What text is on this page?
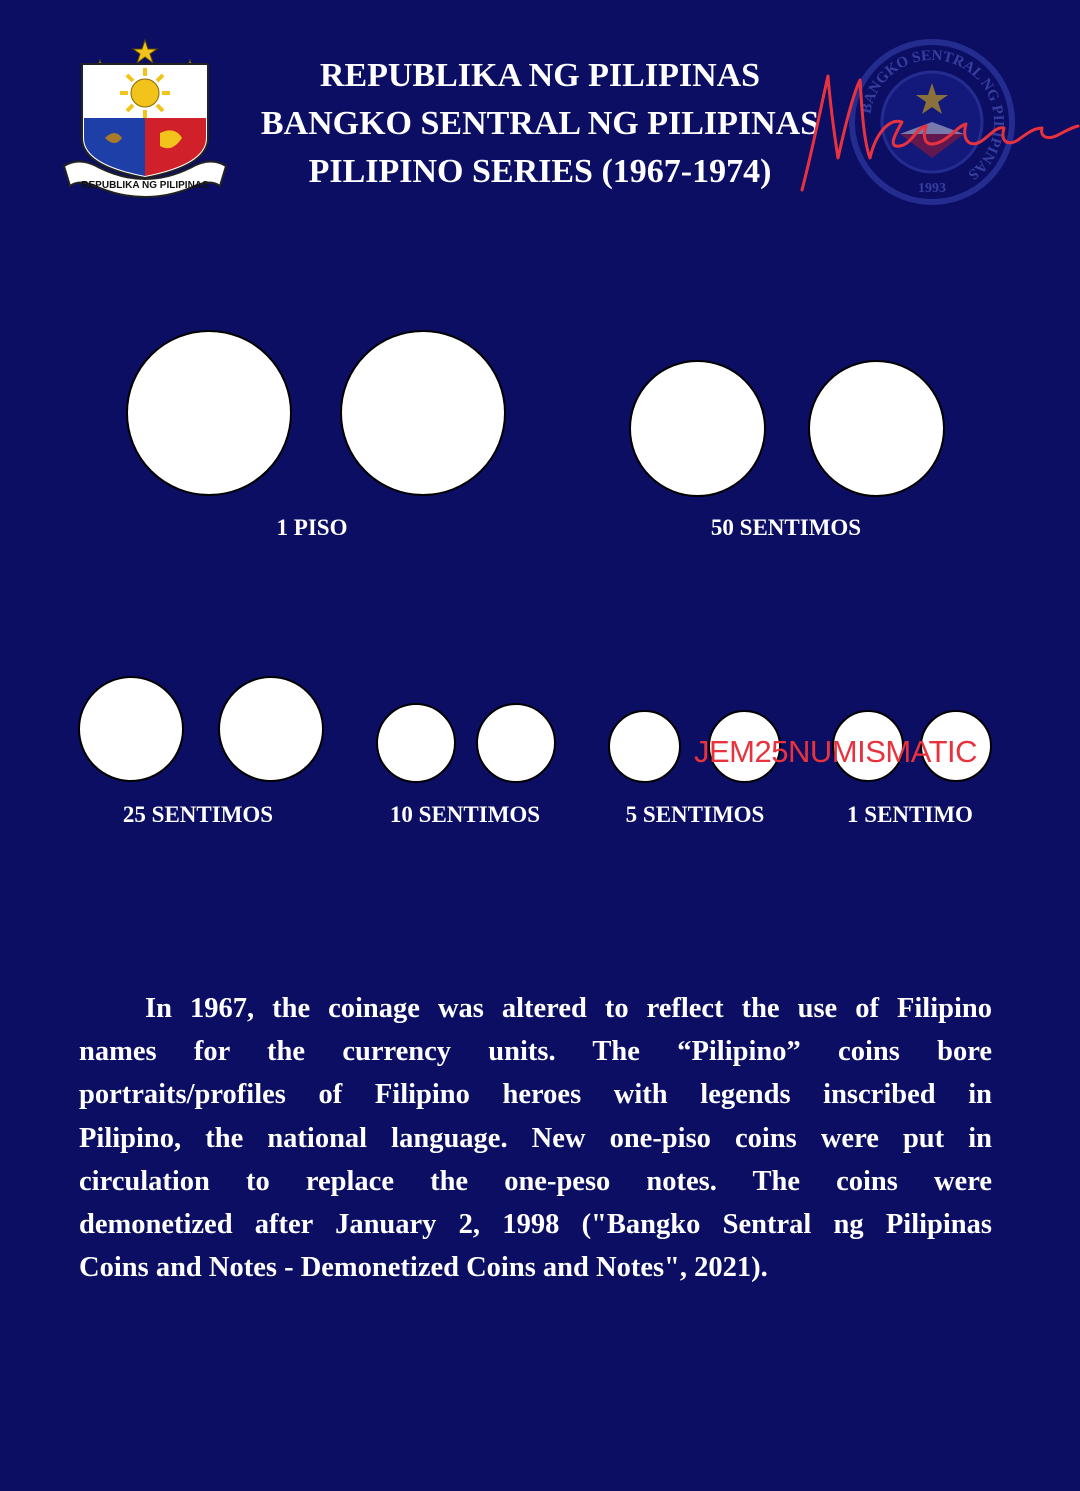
REPUBLIKA NG PILIPINAS
REPUBLIKA NG PILIPINAS
BANGKO SENTRAL NG PILIPINAS
PILIPINO SERIES (1967-1974)
BANGKO SENTRAL NG PILIPINAS
1993
1 PISO	50 SENTIMOS
25 SENTIMOS	10 SENTIMOS	5 SENTIMOS	1 SENTIMO
JEM25NUMISMATIC
In 1967, the coinage was altered to reflect the use of Filipino
names for the currency units. The “Pilipino” coins bore
portraits/profiles of Filipino heroes with legends inscribed in
Pilipino, the national language. New one-piso coins were put in
circulation to replace the one-peso notes. The coins were
demonetized after January 2, 1998 ("Bangko Sentral ng Pilipinas
Coins and Notes - Demonetized Coins and Notes", 2021).
